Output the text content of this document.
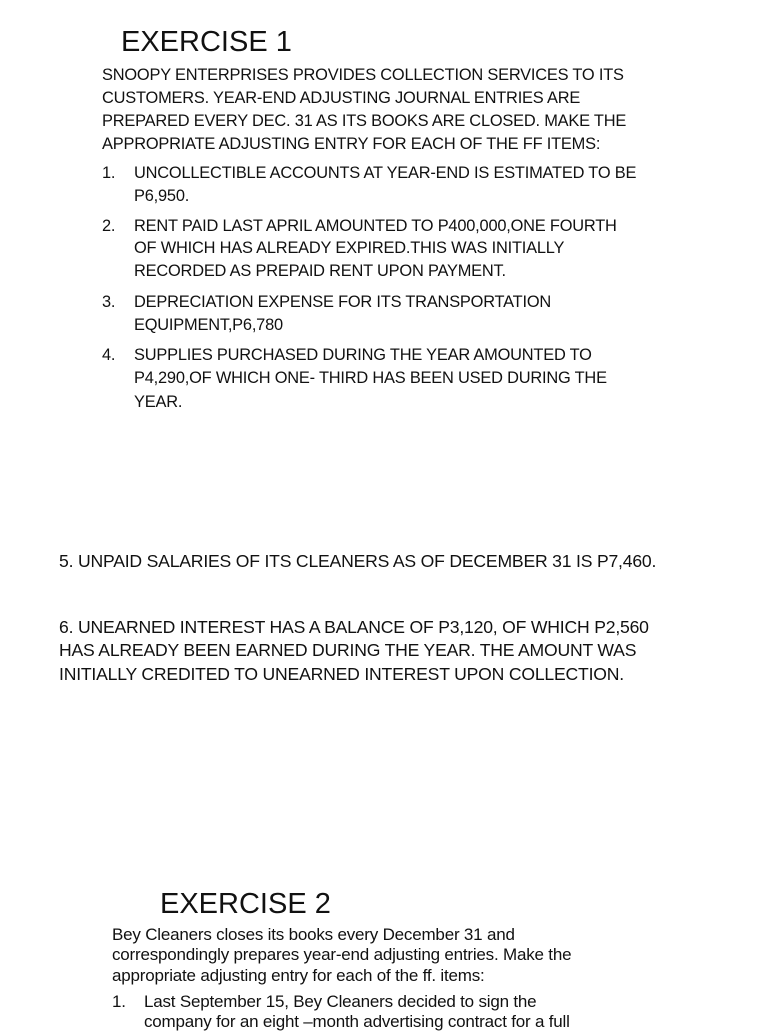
EXERCISE 1
SNOOPY ENTERPRISES PROVIDES COLLECTION SERVICES TO ITS
CUSTOMERS. YEAR-END ADJUSTING JOURNAL ENTRIES ARE
PREPARED EVERY DEC. 31 AS ITS BOOKS ARE CLOSED. MAKE THE
APPROPRIATE ADJUSTING ENTRY FOR EACH OF THE FF ITEMS:
1. UNCOLLECTIBLE ACCOUNTS AT YEAR-END IS ESTIMATED TO BE
P6,950.
2. RENT PAID LAST APRIL AMOUNTED TO P400,000,ONE FOURTH
OF WHICH HAS ALREADY EXPIRED.THIS WAS INITIALLY
RECORDED AS PREPAID RENT UPON PAYMENT.
3. DEPRECIATION EXPENSE FOR ITS TRANSPORTATION
EQUIPMENT,P6,780
4. SUPPLIES PURCHASED DURING THE YEAR AMOUNTED TO
P4,290,OF WHICH ONE- THIRD HAS BEEN USED DURING THE
YEAR.
5. UNPAID SALARIES OF ITS CLEANERS AS OF DECEMBER 31 IS P7,460.
6. UNEARNED INTEREST HAS A BALANCE OF P3,120, OF WHICH P2,560
HAS ALREADY BEEN EARNED DURING THE YEAR. THE AMOUNT WAS
INITIALLY CREDITED TO UNEARNED INTEREST UPON COLLECTION.
EXERCISE 2
Bey Cleaners closes its books every December 31 and
correspondingly prepares year-end adjusting entries. Make the
appropriate adjusting entry for each of the ff. items:
1. Last September 15, Bey Cleaners decided to sign the
company for an eight –month advertising contract for a full
